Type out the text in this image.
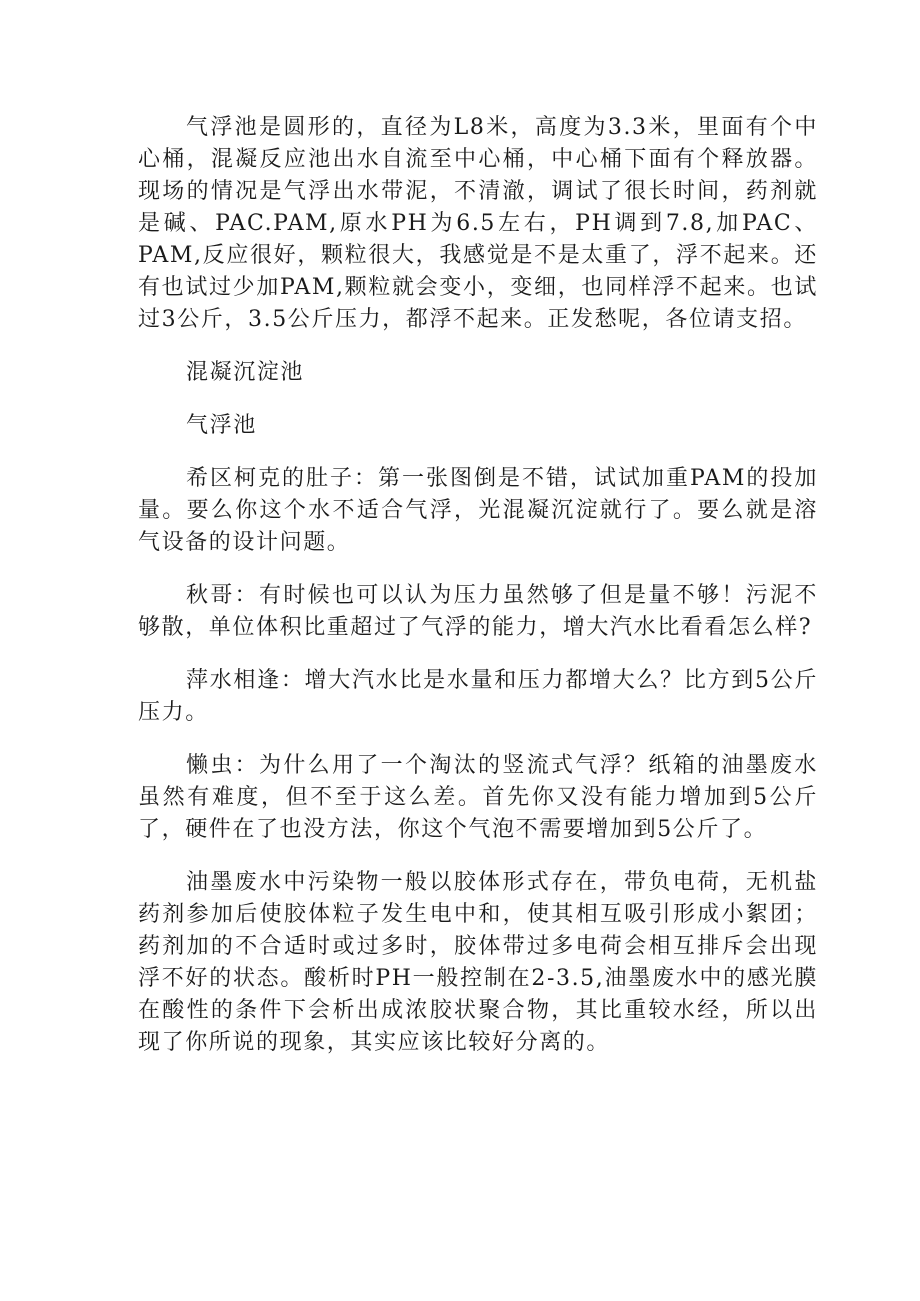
气浮池是圆形的，直径为L8米，高度为3.3米，里面有个中心桶，混凝反应池出水自流至中心桶，中心桶下面有个释放器。现场的情况是气浮出水带泥，不清澈，调试了很长时间，药剂就是碱、PAC.PAM,原水PH为6.5左右，PH调到7.8,加PAC、PAM,反应很好，颗粒很大，我感觉是不是太重了，浮不起来。还有也试过少加PAM,颗粒就会变小，变细，也同样浮不起来。也试过3公斤，3.5公斤压力，都浮不起来。正发愁呢，各位请支招。

混凝沉淀池

气浮池

希区柯克的肚子：第一张图倒是不错，试试加重PAM的投加量。要么你这个水不适合气浮，光混凝沉淀就行了。要么就是溶气设备的设计问题。

秋哥：有时候也可以认为压力虽然够了但是量不够！污泥不够散，单位体积比重超过了气浮的能力，增大汽水比看看怎么样?

萍水相逢：增大汽水比是水量和压力都增大么？比方到5公斤压力。

懒虫：为什么用了一个淘汰的竖流式气浮？纸箱的油墨废水虽然有难度，但不至于这么差。首先你又没有能力增加到5公斤了，硬件在了也没方法，你这个气泡不需要增加到5公斤了。

油墨废水中污染物一般以胶体形式存在，带负电荷，无机盐药剂参加后使胶体粒子发生电中和，使其相互吸引形成小絮团；药剂加的不合适时或过多时，胶体带过多电荷会相互排斥会出现浮不好的状态。酸析时PH一般控制在2-3.5,油墨废水中的感光膜在酸性的条件下会析出成浓胶状聚合物，其比重较水经，所以出现了你所说的现象，其实应该比较好分离的。
